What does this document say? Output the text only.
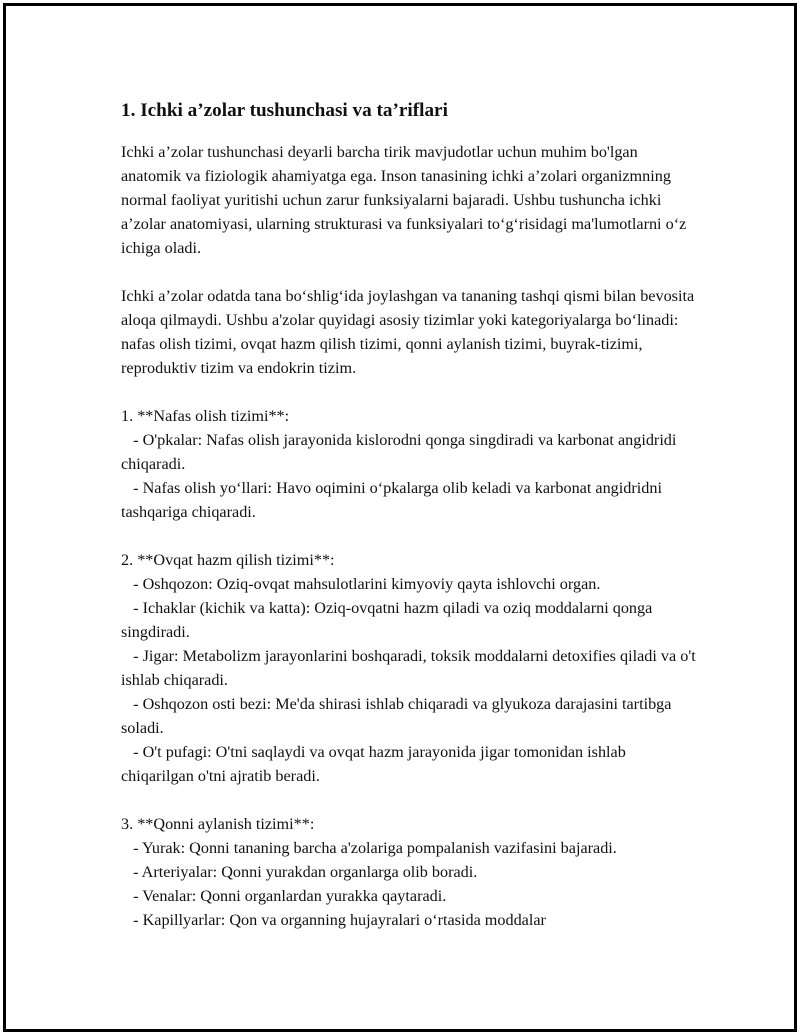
1. Ichki a’zolar tushunchasi va ta’riflari

Ichki a’zolar tushunchasi deyarli barcha tirik mavjudotlar uchun muhim bo'lgan anatomik va fiziologik ahamiyatga ega. Inson tanasining ichki a’zolari organizmning normal faoliyat yuritishi uchun zarur funksiyalarni bajaradi. Ushbu tushuncha ichki a’zolar anatomiyasi, ularning strukturasi va funksiyalari to‘g‘risidagi ma'lumotlarni o‘z ichiga oladi.

Ichki a’zolar odatda tana bo‘shlig‘ida joylashgan va tananing tashqi qismi bilan bevosita aloqa qilmaydi. Ushbu a'zolar quyidagi asosiy tizimlar yoki kategoriyalarga bo‘linadi: nafas olish tizimi, ovqat hazm qilish tizimi, qonni aylanish tizimi, buyrak-tizimi, reproduktiv tizim va endokrin tizim.

1. **Nafas olish tizimi**:
- O'pkalar: Nafas olish jarayonida kislorodni qonga singdiradi va karbonat angidridi chiqaradi.
- Nafas olish yo‘llari: Havo oqimini o‘pkalarga olib keladi va karbonat angidridni tashqariga chiqaradi.
2. **Ovqat hazm qilish tizimi**:
- Oshqozon: Oziq-ovqat mahsulotlarini kimyoviy qayta ishlovchi organ.
- Ichaklar (kichik va katta): Oziq-ovqatni hazm qiladi va oziq moddalarni qonga singdiradi.
- Jigar: Metabolizm jarayonlarini boshqaradi, toksik moddalarni detoxifies qiladi va o't ishlab chiqaradi.
- Oshqozon osti bezi: Me'da shirasi ishlab chiqaradi va glyukoza darajasini tartibga soladi.
- O't pufagi: O'tni saqlaydi va ovqat hazm jarayonida jigar tomonidan ishlab chiqarilgan o'tni ajratib beradi.
3. **Qonni aylanish tizimi**:
- Yurak: Qonni tananing barcha a'zolariga pompalanish vazifasini bajaradi.
- Arteriyalar: Qonni yurakdan organlarga olib boradi.
- Venalar: Qonni organlardan yurakka qaytaradi.
- Kapillyarlar: Qon va organning hujayralari o‘rtasida moddalar
